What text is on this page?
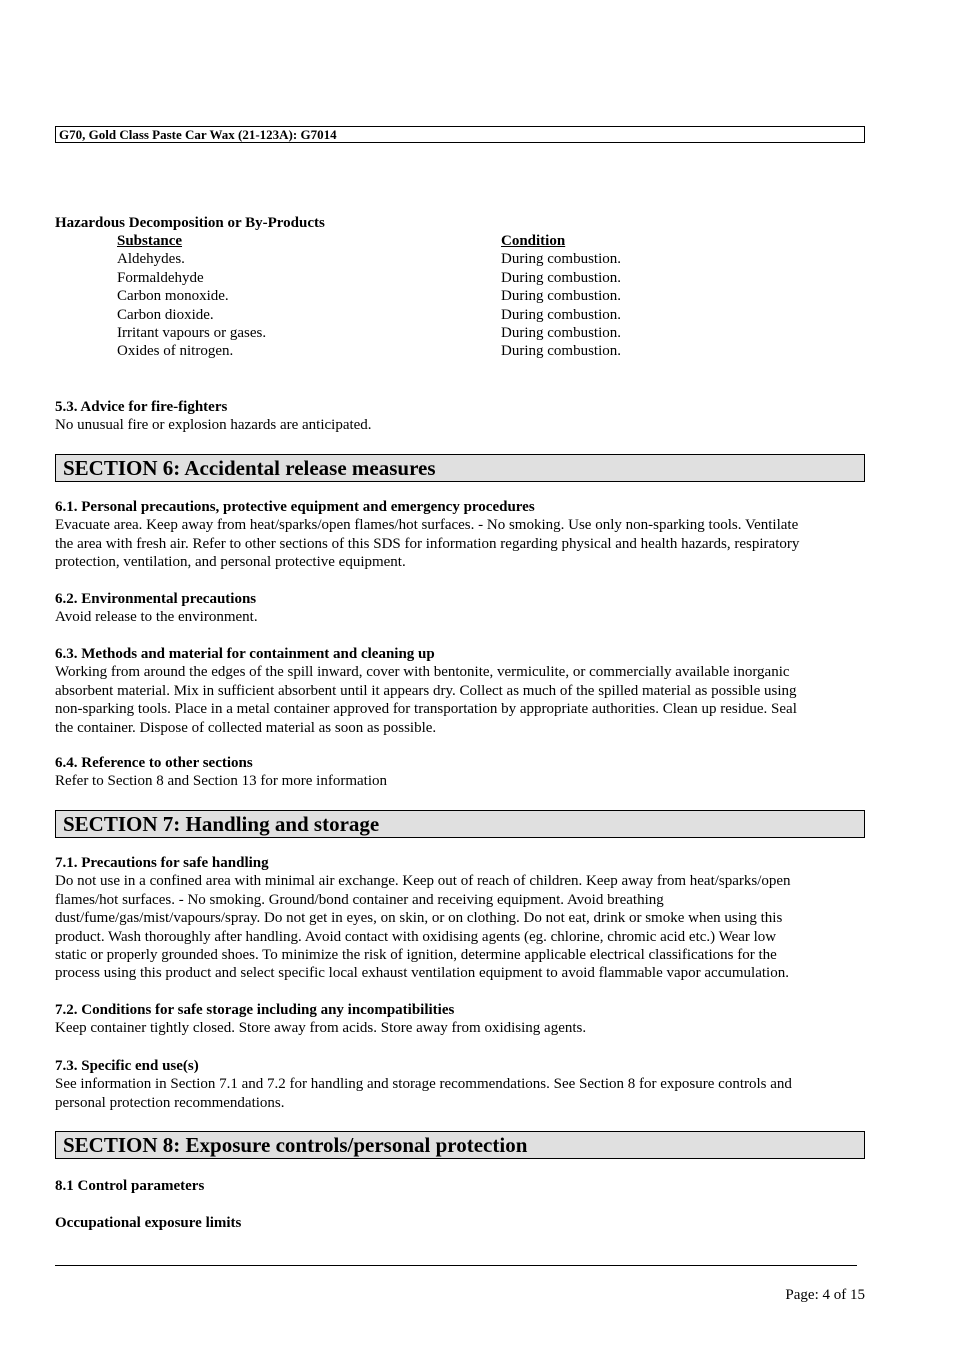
G70, Gold Class Paste Car Wax (21-123A): G7014
Hazardous Decomposition or By-Products
Substance
Aldehydes.
Formaldehyde
Carbon monoxide.
Carbon dioxide.
Irritant vapours or gases.
Oxides of nitrogen.
Condition
During combustion.
During combustion.
During combustion.
During combustion.
During combustion.
During combustion.
5.3. Advice for fire-fighters
No unusual fire or explosion hazards are anticipated.
SECTION 6: Accidental release measures
6.1. Personal precautions, protective equipment and emergency procedures
Evacuate area. Keep away from heat/sparks/open flames/hot surfaces. - No smoking. Use only non-sparking tools. Ventilate
the area with fresh air. Refer to other sections of this SDS for information regarding physical and health hazards, respiratory
protection, ventilation, and personal protective equipment.
6.2. Environmental precautions
Avoid release to the environment.
6.3. Methods and material for containment and cleaning up
Working from around the edges of the spill inward, cover with bentonite, vermiculite, or commercially available inorganic
absorbent material. Mix in sufficient absorbent until it appears dry. Collect as much of the spilled material as possible using
non-sparking tools. Place in a metal container approved for transportation by appropriate authorities. Clean up residue. Seal
the container. Dispose of collected material as soon as possible.
6.4. Reference to other sections
Refer to Section 8 and Section 13 for more information
SECTION 7: Handling and storage
7.1. Precautions for safe handling
Do not use in a confined area with minimal air exchange. Keep out of reach of children. Keep away from heat/sparks/open
flames/hot surfaces. - No smoking. Ground/bond container and receiving equipment. Avoid breathing
dust/fume/gas/mist/vapours/spray. Do not get in eyes, on skin, or on clothing. Do not eat, drink or smoke when using this
product. Wash thoroughly after handling. Avoid contact with oxidising agents (eg. chlorine, chromic acid etc.) Wear low
static or properly grounded shoes. To minimize the risk of ignition, determine applicable electrical classifications for the
process using this product and select specific local exhaust ventilation equipment to avoid flammable vapor accumulation.
7.2. Conditions for safe storage including any incompatibilities
Keep container tightly closed. Store away from acids. Store away from oxidising agents.
7.3. Specific end use(s)
See information in Section 7.1 and 7.2 for handling and storage recommendations. See Section 8 for exposure controls and
personal protection recommendations.
SECTION 8: Exposure controls/personal protection
8.1 Control parameters
Occupational exposure limits
Page: 4 of 15
